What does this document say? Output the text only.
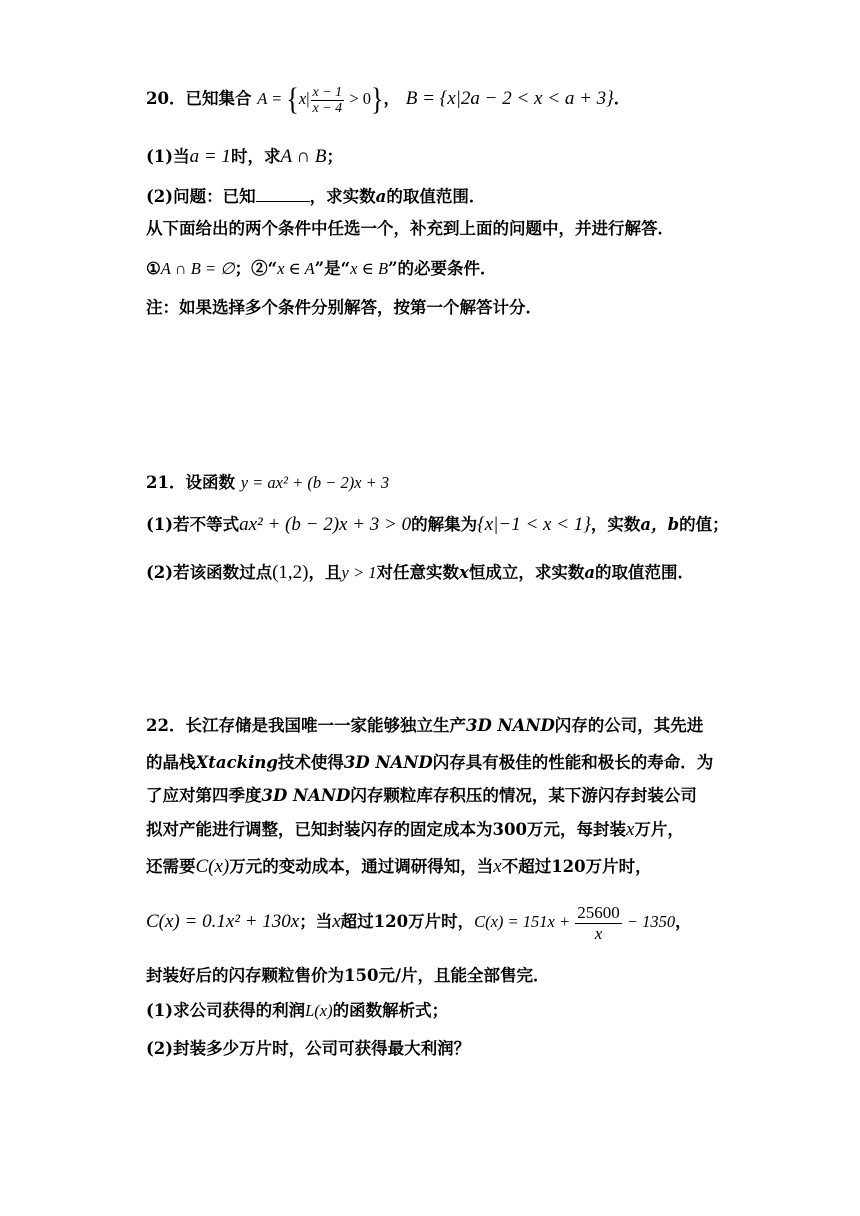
20．已知集合 $A = \{x| \frac{x - 1}{x - 4} > 0\}$， B = {x|2a − 2 < x < a + 3}．
(1)当a = 1时，求A ∩ B；
(2)问题：已知	，求实数a的取值范围．
从下面给出的两个条件中任选一个，补充到上面的问题中，并进行解答．
①A ∩ B = ∅；②“x ∈ A”是“x ∈ B”的必要条件．
注：如果选择多个条件分别解答，按第一个解答计分．
21．设函数 y = ax² + (b − 2)x + 3
(1)若不等式ax² + (b − 2)x + 3 > 0的解集为{x|−1 < x < 1}，实数a，b的值；
(2)若该函数过点(1,2)，且y > 1对任意实数x恒成立，求实数a的取值范围．
22．长江存储是我国唯一一家能够独立生产3D NAND闪存的公司，其先进
的晶栈Xtacking技术使得3D NAND闪存具有极佳的性能和极长的寿命．为
了应对第四季度3D NAND闪存颗粒库存积压的情况，某下游闪存封装公司
拟对产能进行调整，已知封装闪存的固定成本为300万元，每封装x万片，
还需要C(x)万元的变动成本，通过调研得知，当x不超过120万片时，
C(x) = 0.1x² + 130x；当x超过120万片时，$C(x) = 151x + \frac{25600}{x} - 1350$，
封装好后的闪存颗粒售价为150元/片，且能全部售完．
(1)求公司获得的利润L(x)的函数解析式；
(2)封装多少万片时，公司可获得最大利润？
